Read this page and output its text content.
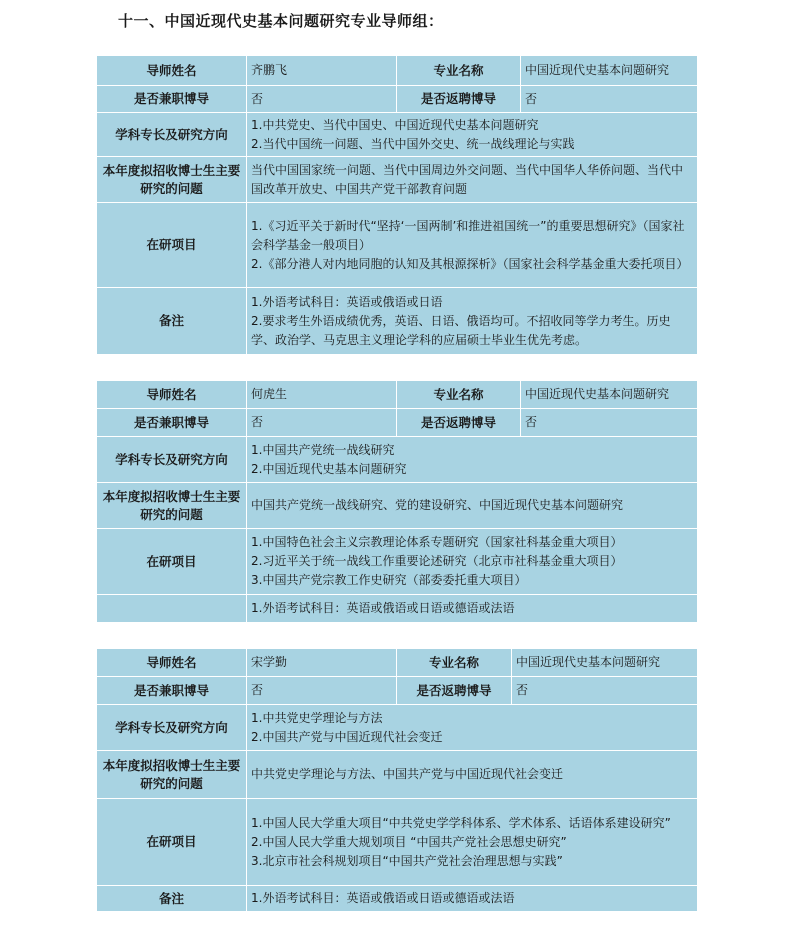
十一、中国近现代史基本问题研究专业导师组：
导师姓名	齐鹏飞	专业名称	中国近现代史基本问题研究
是否兼职博导	否	是否返聘博导	否
学科专长及研究方向	1.中共党史、当代中国史、中国近现代史基本问题研究
2.当代中国统一问题、当代中国外交史、统一战线理论与实践		

本年度拟招收博士生主要研究的问题	当代中国国家统一问题、当代中国周边外交问题、当代中国华人华侨问题、当代中国改革开放史、中国共产党干部教育问题		

在研项目	1.《习近平关于新时代“坚持‘一国两制’和推进祖国统一”的重要思想研究》（国家社会科学基金一般项目）
2.《部分港人对内地同胞的认知及其根源探析》（国家社会科学基金重大委托项目）		

备注	1.外语考试科目：英语或俄语或日语
2.要求考生外语成绩优秀，英语、日语、俄语均可。不招收同等学力考生。历史学、政治学、马克思主义理论学科的应届硕士毕业生优先考虑。		
导师姓名	何虎生	专业名称	中国近现代史基本问题研究
是否兼职博导	否	是否返聘博导	否
学科专长及研究方向	1.中国共产党统一战线研究
2.中国近现代史基本问题研究		

本年度拟招收博士生主要研究的问题	中国共产党统一战线研究、党的建设研究、中国近现代史基本问题研究		

在研项目	1.中国特色社会主义宗教理论体系专题研究（国家社科基金重大项目）
2.习近平关于统一战线工作重要论述研究（北京市社科基金重大项目）
3.中国共产党宗教工作史研究（部委委托重大项目）		

	1.外语考试科目：英语或俄语或日语或德语或法语		
导师姓名	宋学勤	专业名称	中国近现代史基本问题研究
是否兼职博导	否	是否返聘博导	否
学科专长及研究方向	1.中共党史学理论与方法
2.中国共产党与中国近现代社会变迁		

本年度拟招收博士生主要研究的问题	中共党史学理论与方法、中国共产党与中国近现代社会变迁		

在研项目	1.中国人民大学重大项目“中共党史学学科体系、学术体系、话语体系建设研究”
2.中国人民大学重大规划项目 “中国共产党社会思想史研究”
3.北京市社会科规划项目“中国共产党社会治理思想与实践”		

备注	1.外语考试科目：英语或俄语或日语或德语或法语		
